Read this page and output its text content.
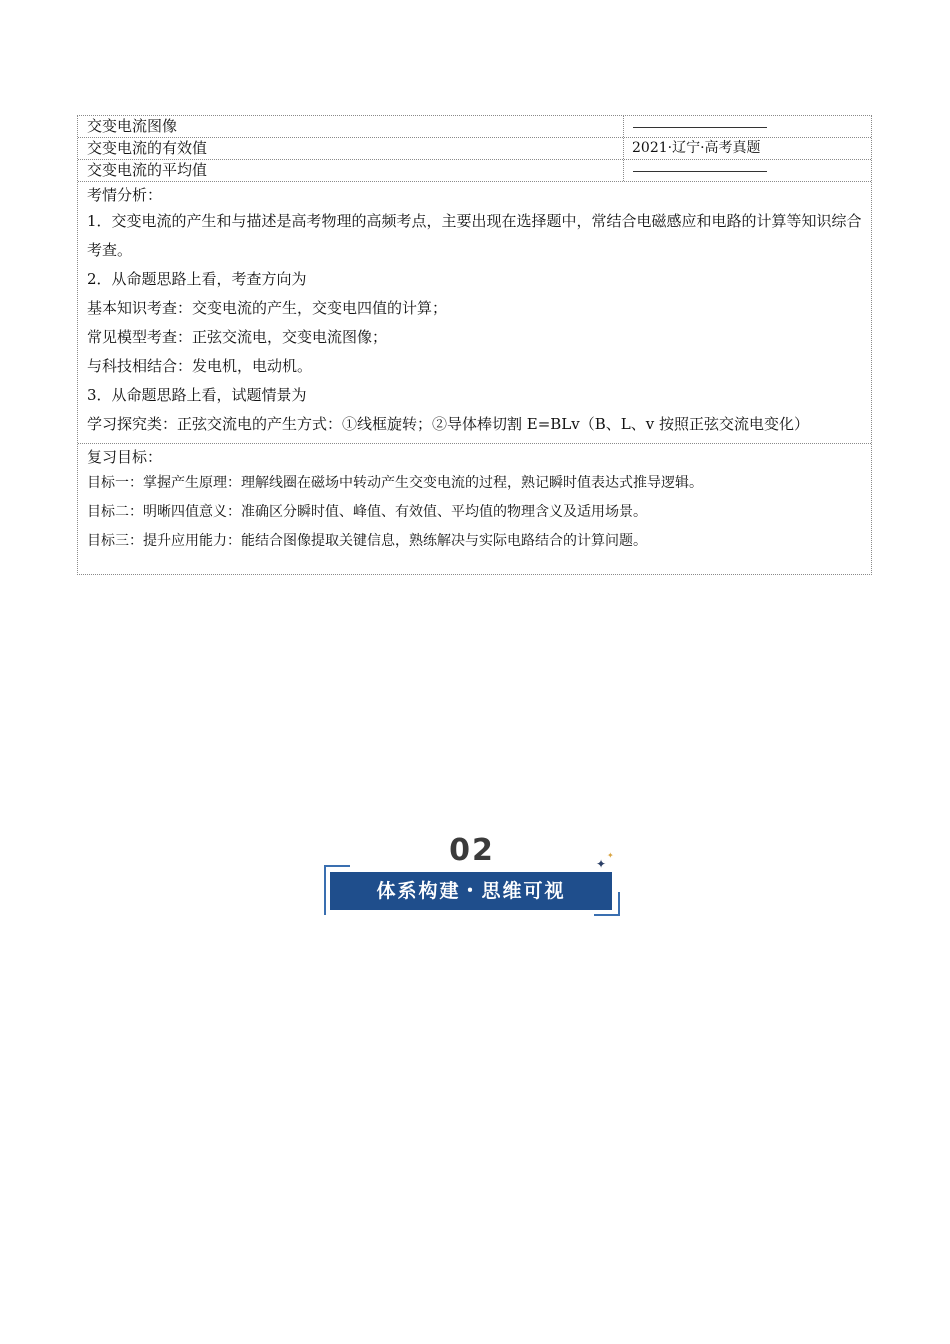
交变电流图像
交变电流的有效值	2021·辽宁·高考真题
交变电流的平均值

考情分析：

1．交变电流的产生和与描述是高考物理的高频考点，主要出现在选择题中，常结合电磁感应和电路的计算等知识综合考查。

2．从命题思路上看，考查方向为

基本知识考查：交变电流的产生，交变电四值的计算；

常见模型考查：正弦交流电，交变电流图像；

与科技相结合：发电机，电动机。

3．从命题思路上看，试题情景为

学习探究类：正弦交流电的产生方式：①线框旋转；②导体棒切割 E=BLv（B、L、v 按照正弦交流电变化）

复习目标：

目标一：掌握产生原理：理解线圈在磁场中转动产生交变电流的过程，熟记瞬时值表达式推导逻辑。

目标二：明晰四值意义：准确区分瞬时值、峰值、有效值、平均值的物理含义及适用场景。

目标三：提升应用能力：能结合图像提取关键信息，熟练解决与实际电路结合的计算问题。

02
体系构建・思维可视
✦
✦
